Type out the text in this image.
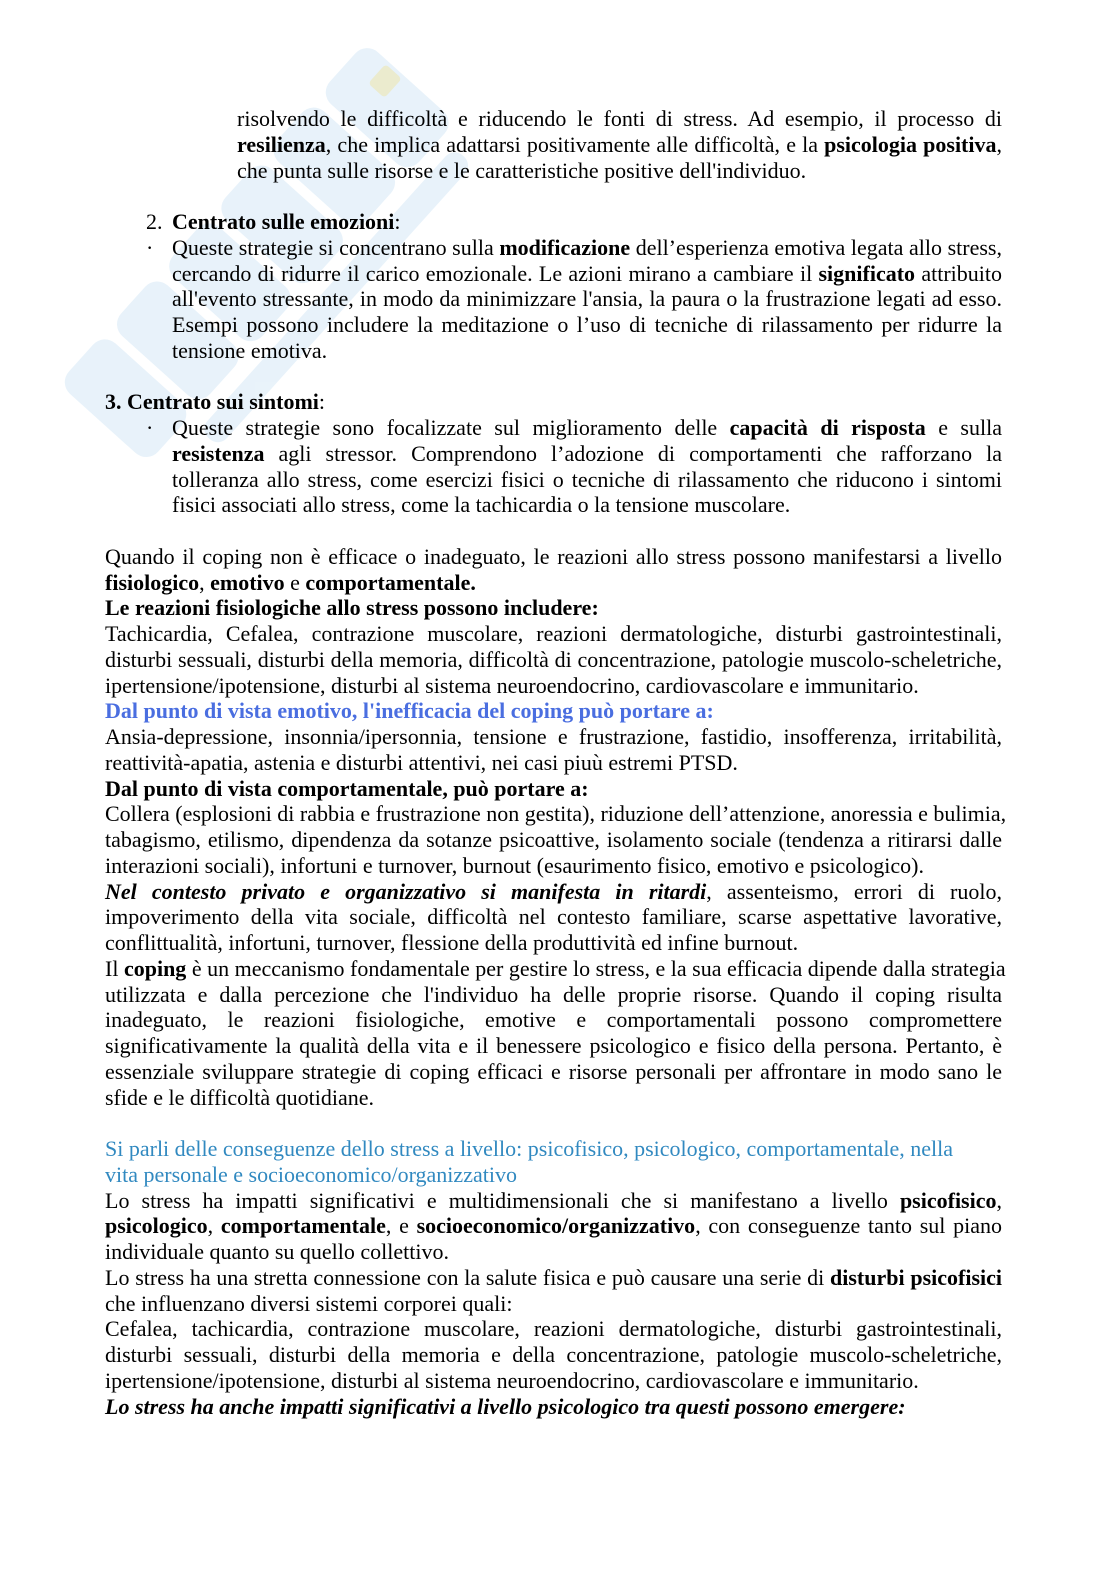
risolvendo le difficoltà e riducendo le fonti di stress. Ad esempio, il processo di
resilienza, che implica adattarsi positivamente alle difficoltà, e la psicologia positiva,
che punta sulle risorse e le caratteristiche positive dell'individuo.
2. Centrato sulle emozioni:
· Queste strategie si concentrano sulla modificazione dell’esperienza emotiva legata allo stress,
cercando di ridurre il carico emozionale. Le azioni mirano a cambiare il significato attribuito
all'evento stressante, in modo da minimizzare l'ansia, la paura o la frustrazione legati ad esso.
Esempi possono includere la meditazione o l’uso di tecniche di rilassamento per ridurre la
tensione emotiva.
3. Centrato sui sintomi:
· Queste strategie sono focalizzate sul miglioramento delle capacità di risposta e sulla
resistenza agli stressor. Comprendono l’adozione di comportamenti che rafforzano la
tolleranza allo stress, come esercizi fisici o tecniche di rilassamento che riducono i sintomi
fisici associati allo stress, come la tachicardia o la tensione muscolare.
Quando il coping non è efficace o inadeguato, le reazioni allo stress possono manifestarsi a livello
fisiologico, emotivo e comportamentale.
Le reazioni fisiologiche allo stress possono includere:
Tachicardia, Cefalea, contrazione muscolare, reazioni dermatologiche, disturbi gastrointestinali,
disturbi sessuali, disturbi della memoria, difficoltà di concentrazione, patologie muscolo-scheletriche,
ipertensione/ipotensione, disturbi al sistema neuroendocrino, cardiovascolare e immunitario.
Dal punto di vista emotivo, l'inefficacia del coping può portare a:
Ansia-depressione, insonnia/ipersonnia, tensione e frustrazione, fastidio, insofferenza, irritabilità,
reattività-apatia, astenia e disturbi attentivi, nei casi piuù estremi PTSD.
Dal punto di vista comportamentale, può portare a:
Collera (esplosioni di rabbia e frustrazione non gestita), riduzione dell’attenzione, anoressia e bulimia,
tabagismo, etilismo, dipendenza da sotanze psicoattive, isolamento sociale (tendenza a ritirarsi dalle
interazioni sociali), infortuni e turnover, burnout (esaurimento fisico, emotivo e psicologico).
Nel contesto privato e organizzativo si manifesta in ritardi, assenteismo, errori di ruolo,
impoverimento della vita sociale, difficoltà nel contesto familiare, scarse aspettative lavorative,
conflittualità, infortuni, turnover, flessione della produttività ed infine burnout.
Il coping è un meccanismo fondamentale per gestire lo stress, e la sua efficacia dipende dalla strategia
utilizzata e dalla percezione che l'individuo ha delle proprie risorse. Quando il coping risulta
inadeguato, le reazioni fisiologiche, emotive e comportamentali possono compromettere
significativamente la qualità della vita e il benessere psicologico e fisico della persona. Pertanto, è
essenziale sviluppare strategie di coping efficaci e risorse personali per affrontare in modo sano le
sfide e le difficoltà quotidiane.
Si parli delle conseguenze dello stress a livello: psicofisico, psicologico, comportamentale, nella
vita personale e socioeconomico/organizzativo
Lo stress ha impatti significativi e multidimensionali che si manifestano a livello psicofisico,
psicologico, comportamentale, e socioeconomico/organizzativo, con conseguenze tanto sul piano
individuale quanto su quello collettivo.
Lo stress ha una stretta connessione con la salute fisica e può causare una serie di disturbi psicofisici
che influenzano diversi sistemi corporei quali:
Cefalea, tachicardia, contrazione muscolare, reazioni dermatologiche, disturbi gastrointestinali,
disturbi sessuali, disturbi della memoria e della concentrazione, patologie muscolo-scheletriche,
ipertensione/ipotensione, disturbi al sistema neuroendocrino, cardiovascolare e immunitario.
Lo stress ha anche impatti significativi a livello psicologico tra questi possono emergere:
